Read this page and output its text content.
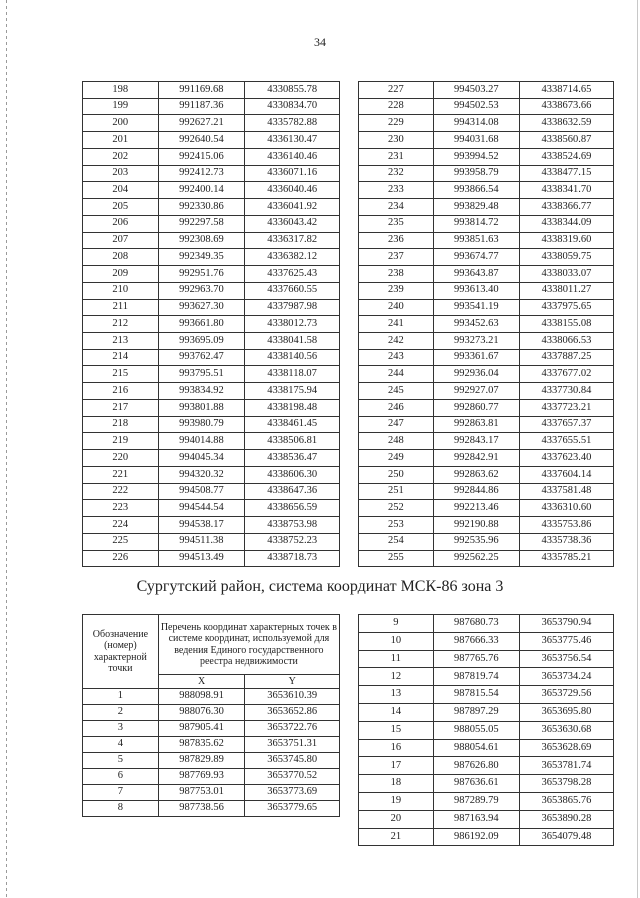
34
198	991169.68	4330855.78
199	991187.36	4330834.70
200	992627.21	4335782.88
201	992640.54	4336130.47
202	992415.06	4336140.46
203	992412.73	4336071.16
204	992400.14	4336040.46
205	992330.86	4336041.92
206	992297.58	4336043.42
207	992308.69	4336317.82
208	992349.35	4336382.12
209	992951.76	4337625.43
210	992963.70	4337660.55
211	993627.30	4337987.98
212	993661.80	4338012.73
213	993695.09	4338041.58
214	993762.47	4338140.56
215	993795.51	4338118.07
216	993834.92	4338175.94
217	993801.88	4338198.48
218	993980.79	4338461.45
219	994014.88	4338506.81
220	994045.34	4338536.47
221	994320.32	4338606.30
222	994508.77	4338647.36
223	994544.54	4338656.59
224	994538.17	4338753.98
225	994511.38	4338752.23
226	994513.49	4338718.73
227	994503.27	4338714.65
228	994502.53	4338673.66
229	994314.08	4338632.59
230	994031.68	4338560.87
231	993994.52	4338524.69
232	993958.79	4338477.15
233	993866.54	4338341.70
234	993829.48	4338366.77
235	993814.72	4338344.09
236	993851.63	4338319.60
237	993674.77	4338059.75
238	993643.87	4338033.07
239	993613.40	4338011.27
240	993541.19	4337975.65
241	993452.63	4338155.08
242	993273.21	4338066.53
243	993361.67	4337887.25
244	992936.04	4337677.02
245	992927.07	4337730.84
246	992860.77	4337723.21
247	992863.81	4337657.37
248	992843.17	4337655.51
249	992842.91	4337623.40
250	992863.62	4337604.14
251	992844.86	4337581.48
252	992213.46	4336310.60
253	992190.88	4335753.86
254	992535.96	4335738.36
255	992562.25	4335785.21
Сургутский район, система координат МСК-86 зона 3
Обозначение (номер) характерной точки	Перечень координат характерных точек в системе координат, используемой для ведения Единого государственного реестра недвижимости	
	X	Y
1	988098.91	3653610.39
2	988076.30	3653652.86
3	987905.41	3653722.76
4	987835.62	3653751.31
5	987829.89	3653745.80
6	987769.93	3653770.52
7	987753.01	3653773.69
8	987738.56	3653779.65
9	987680.73	3653790.94
10	987666.33	3653775.46
11	987765.76	3653756.54
12	987819.74	3653734.24
13	987815.54	3653729.56
14	987897.29	3653695.80
15	988055.05	3653630.68
16	988054.61	3653628.69
17	987626.80	3653781.74
18	987636.61	3653798.28
19	987289.79	3653865.76
20	987163.94	3653890.28
21	986192.09	3654079.48
